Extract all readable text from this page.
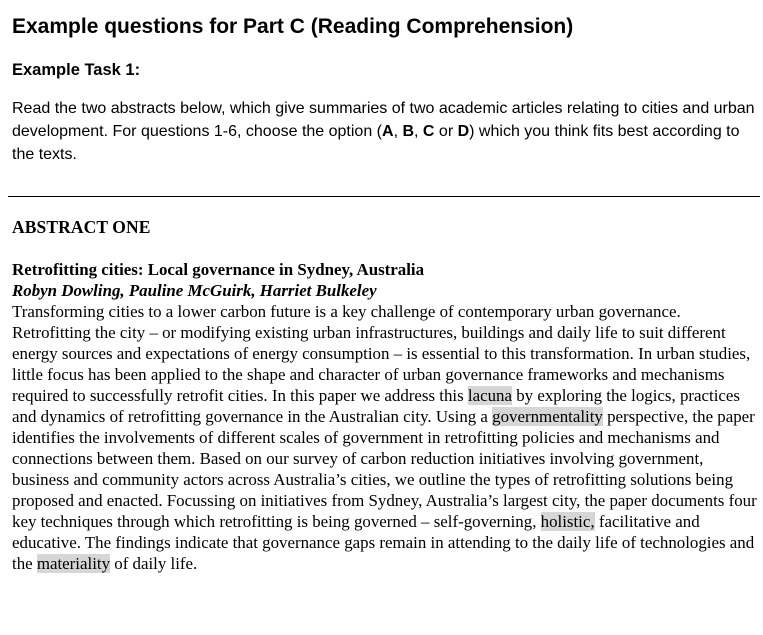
Example questions for Part C (Reading Comprehension)
Example Task 1:

Read the two abstracts below, which give summaries of two academic articles relating to cities and urban development. For questions 1-6, choose the option (A, B, C or D) which you think fits best according to the texts.

ABSTRACT ONE
Retrofitting cities: Local governance in Sydney, Australia
Robyn Dowling, Pauline McGuirk, Harriet Bulkeley

Transforming cities to a lower carbon future is a key challenge of contemporary urban governance. Retrofitting the city – or modifying existing urban infrastructures, buildings and daily life to suit different energy sources and expectations of energy consumption – is essential to this transformation. In urban studies, little focus has been applied to the shape and character of urban governance frameworks and mechanisms required to successfully retrofit cities. In this paper we address this lacuna by exploring the logics, practices and dynamics of retrofitting governance in the Australian city. Using a governmentality perspective, the paper identifies the involvements of different scales of government in retrofitting policies and mechanisms and connections between them. Based on our survey of carbon reduction initiatives involving government, business and community actors across Australia’s cities, we outline the types of retrofitting solutions being proposed and enacted. Focussing on initiatives from Sydney, Australia’s largest city, the paper documents four key techniques through which retrofitting is being governed – self-governing, holistic, facilitative and educative. The findings indicate that governance gaps remain in attending to the daily life of technologies and the materiality of daily life.
